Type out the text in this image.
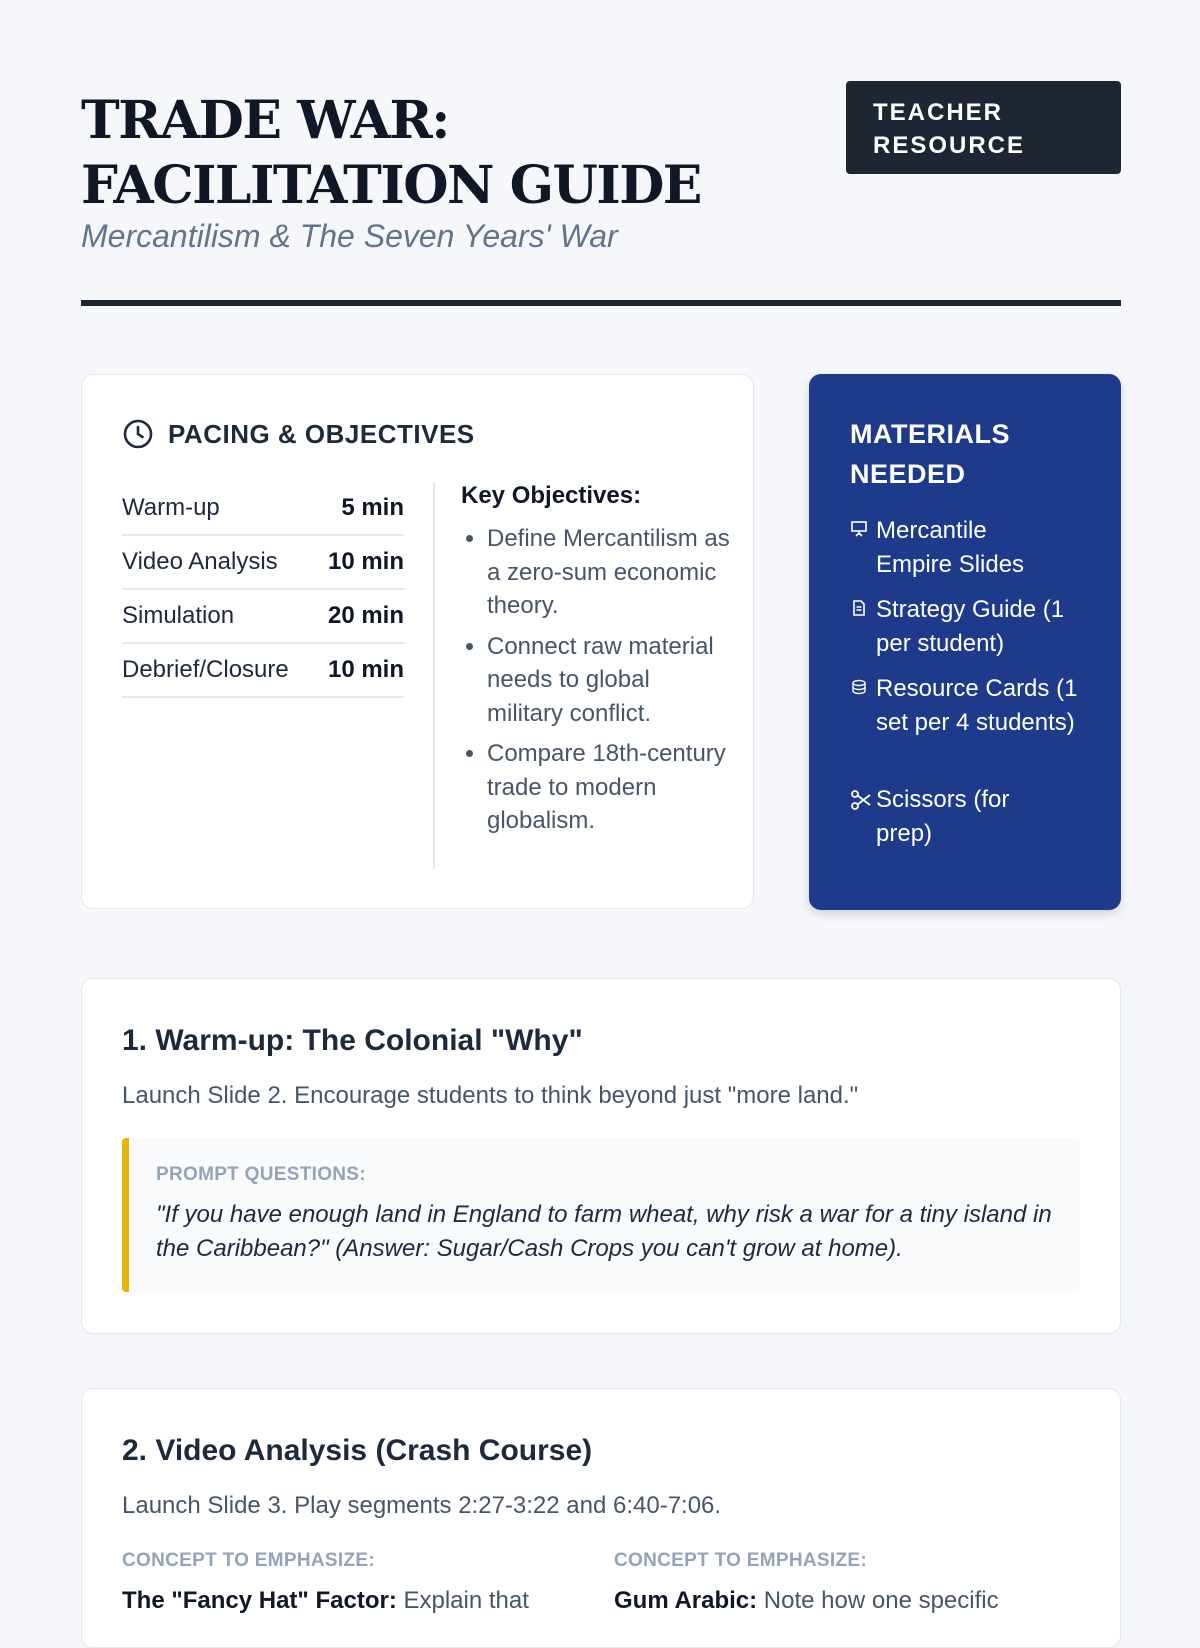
TRADE WAR:
FACILITATION GUIDE

Mercantilism & The Seven Years' War

TEACHER
RESOURCE
PACING & OBJECTIVES
Warm-up	5 min
Video Analysis 10 min
Simulation	20 min
Debrief/Closure 10 min
Key Objectives:
• Define Mercantilism as a zero-sum economic theory.
• Connect raw material needs to global military conflict.
• Compare 18th-century trade to modern globalism.
MATERIALS NEEDED
Mercantile Empire Slides
Strategy Guide (1 per student)
Resource Cards (1 set per 4 students)
Scissors (for prep)
1. Warm-up: The Colonial "Why"

Launch Slide 2. Encourage students to think beyond just "more land."

PROMPT QUESTIONS:
"If you have enough land in England to farm wheat, why risk a war for a tiny island in the Caribbean?" (Answer: Sugar/Cash Crops you can't grow at home).
2. Video Analysis (Crash Course)

Launch Slide 3. Play segments 2:27-3:22 and 6:40-7:06.

CONCEPT TO EMPHASIZE:
The "Fancy Hat" Factor: Explain that
CONCEPT TO EMPHASIZE:
Gum Arabic: Note how one specific
